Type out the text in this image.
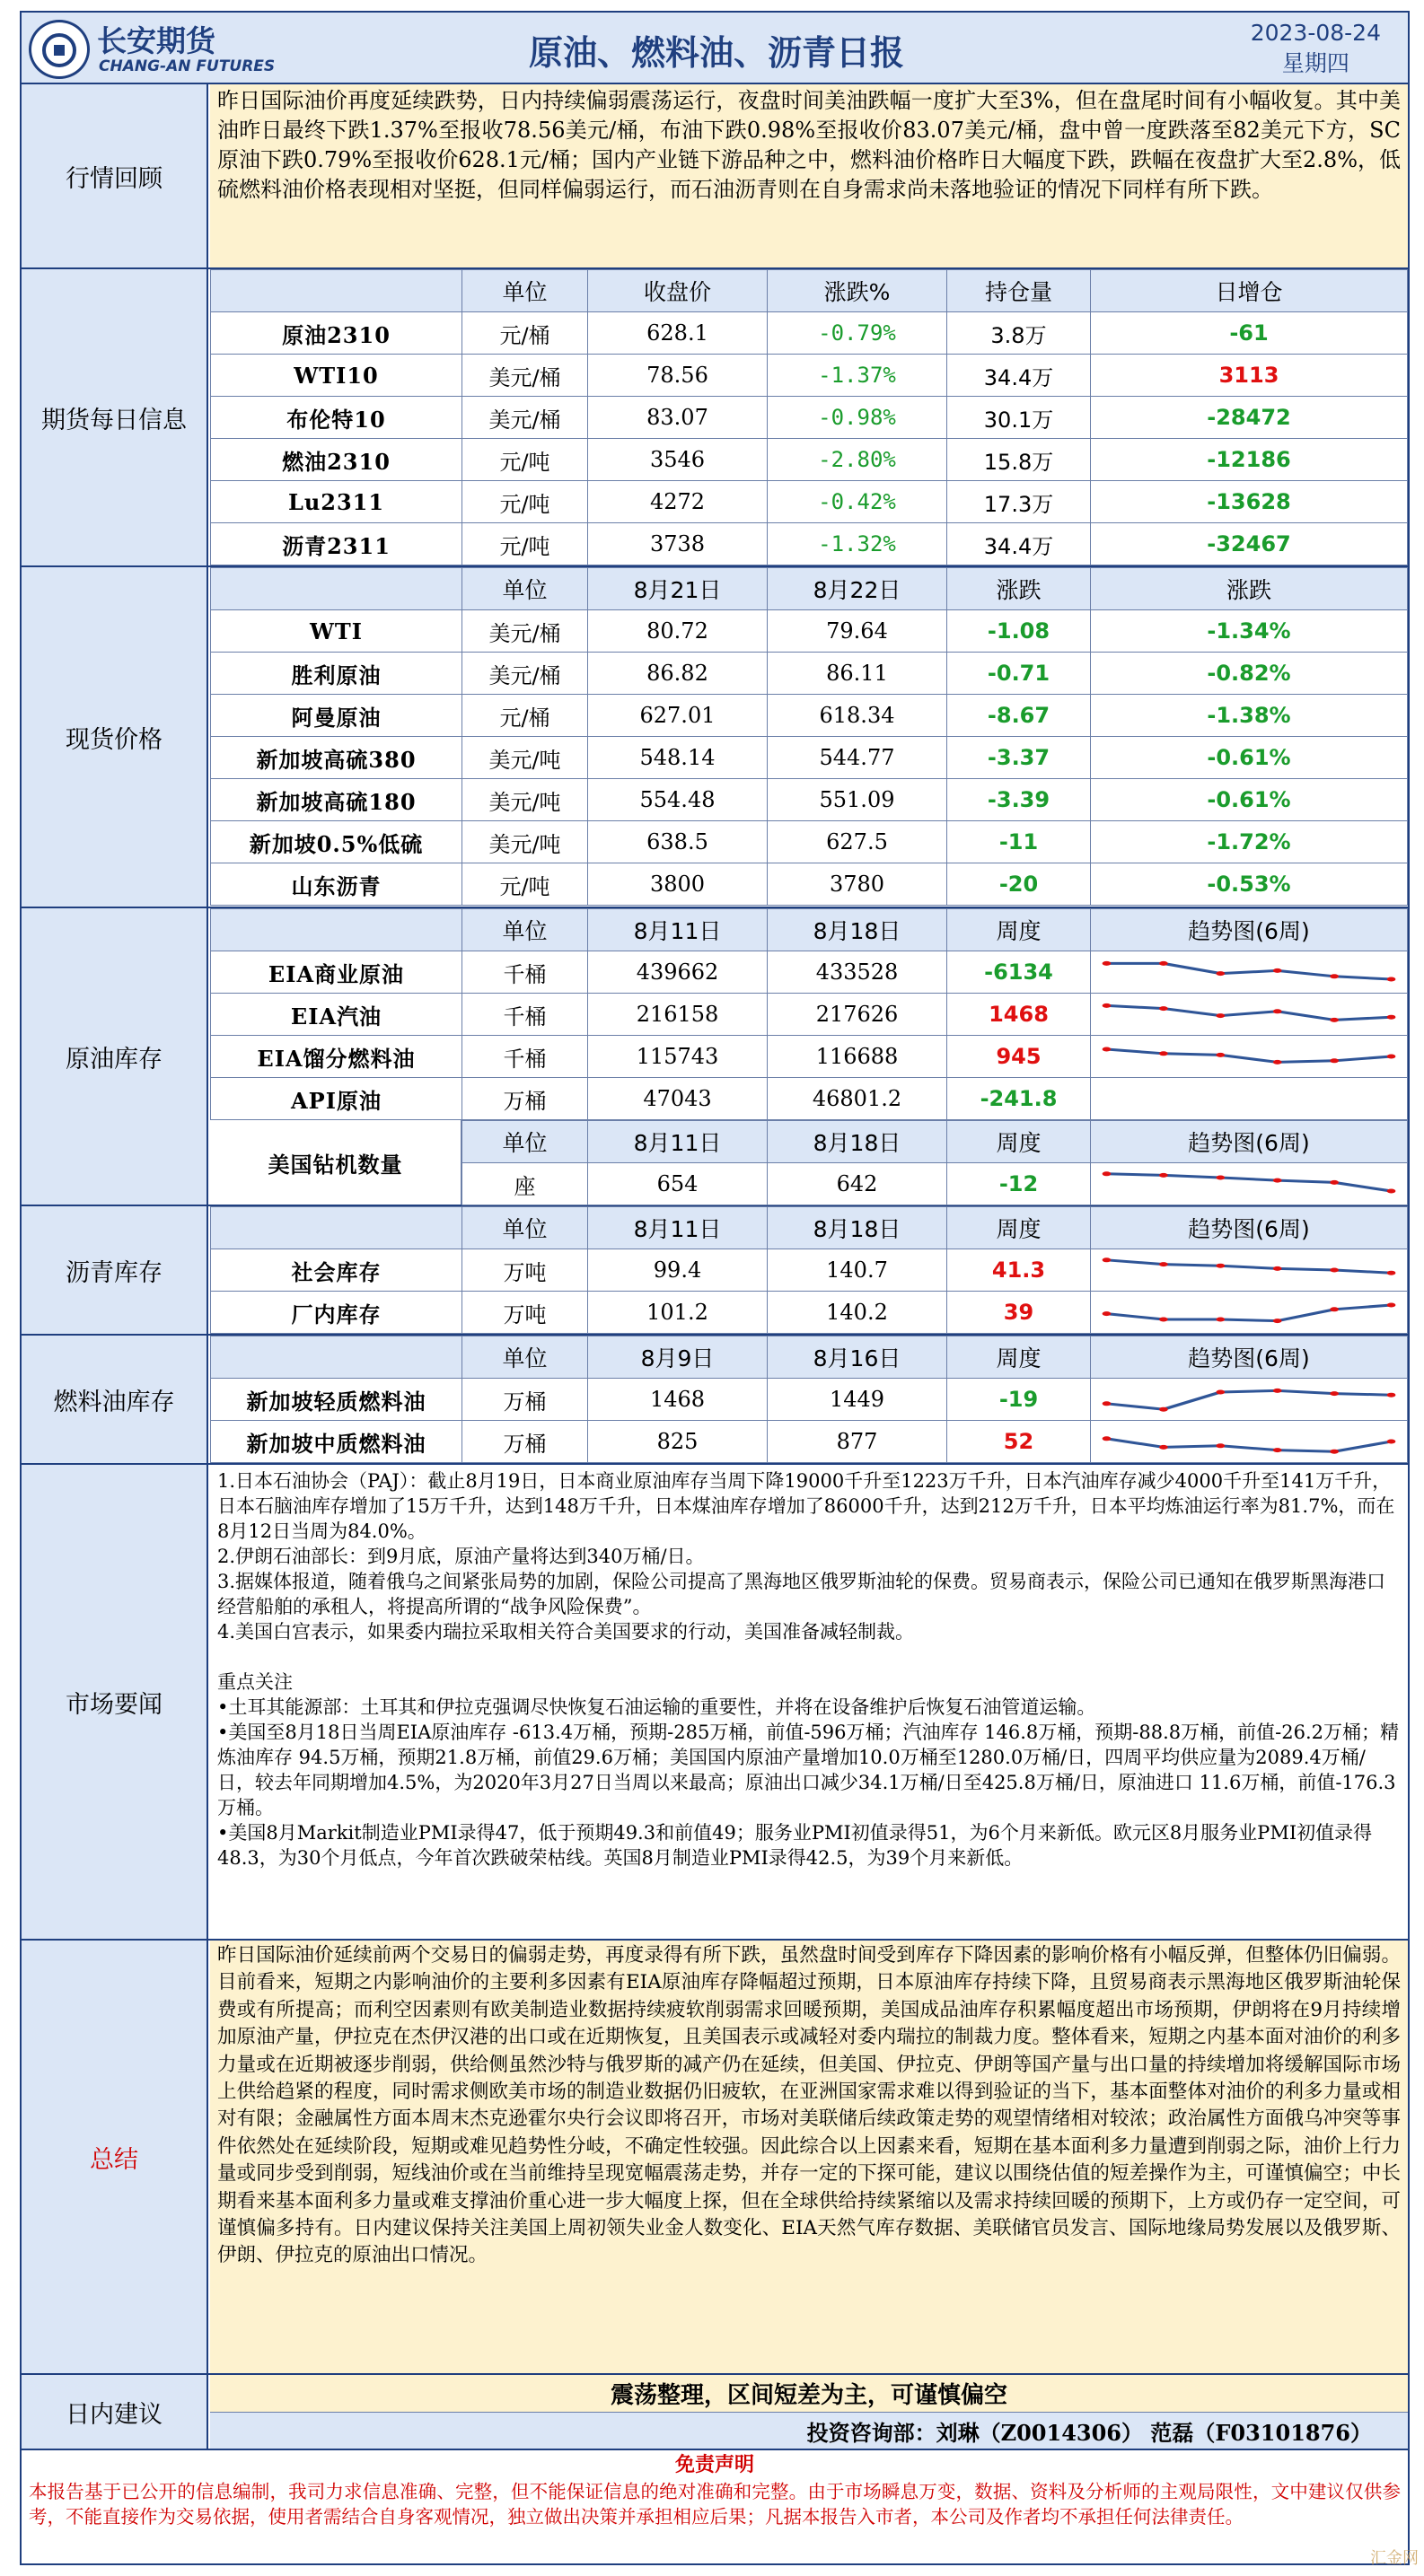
长安期货
CHANG-AN FUTURES	原油、燃料油、沥青日报
2023-08-24
星期四
行情回顾
昨日国际油价再度延续跌势，日内持续偏弱震荡运行，夜盘时间美油跌幅一度扩大至3%，但在盘尾时间有小幅收复。其中美油昨日最终下跌1.37%至报收78.56美元/桶，布油下跌0.98%至报收价83.07美元/桶，盘中曾一度跌落至82美元下方，SC原油下跌0.79%至报收价628.1元/桶；国内产业链下游品种之中，燃料油价格昨日大幅度下跌，跌幅在夜盘扩大至2.8%，低硫燃料油价格表现相对坚挺，但同样偏弱运行，而石油沥青则在自身需求尚未落地验证的情况下同样有所下跌。
期货每日信息
	单位	收盘价	涨跌%	持仓量	日增仓
原油2310	元/桶	628.1	-0.79%	3.8万	-61
WTI10	美元/桶	78.56	-1.37%	34.4万	3113
布伦特10	美元/桶	83.07	-0.98%	30.1万	-28472
燃油2310	元/吨	3546	-2.80%	15.8万	-12186
Lu2311	元/吨	4272	-0.42%	17.3万	-13628
沥青2311	元/吨	3738	-1.32%	34.4万	-32467
现货价格
	单位	8月21日	8月22日	涨跌	涨跌
WTI	美元/桶	80.72	79.64	-1.08	-1.34%
胜利原油	美元/桶	86.82	86.11	-0.71	-0.82%
阿曼原油	元/桶	627.01	618.34	-8.67	-1.38%
新加坡高硫380	美元/吨	548.14	544.77	-3.37	-0.61%
新加坡高硫180	美元/吨	554.48	551.09	-3.39	-0.61%
新加坡0.5%低硫	美元/吨	638.5	627.5	-11	-1.72%
山东沥青	元/吨	3800	3780	-20	-0.53%
原油库存
	单位	8月11日	8月18日	周度	趋势图(6周)
EIA商业原油	千桶	439662	433528	-6134	

EIA汽油	千桶	216158	217626	1468	

EIA馏分燃料油	千桶	115743	116688	945	

API原油	万桶	47043	46801.2	-241.8	
美国钻机数量
单位	8月11日	8月18日	周度	趋势图(6周)
座	654	642	-12	
沥青库存
	单位	8月11日	8月18日	周度	趋势图(6周)
社会库存	万吨	99.4	140.7	41.3	

厂内库存	万吨	101.2	140.2	39	
燃料油库存
	单位	8月9日	8月16日	周度	趋势图(6周)
新加坡轻质燃料油	万桶	1468	1449	-19	

新加坡中质燃料油	万桶	825	877	52	
市场要闻

1.日本石油协会（PAJ）：截止8月19日，日本商业原油库存当周下降19000千升至1223万千升，日本汽油库存减少4000千升至141万千升，日本石脑油库存增加了15万千升，达到148万千升，日本煤油库存增加了86000千升，达到212万千升，日本平均炼油运行率为81.7%，而在8月12日当周为84.0%。

2.伊朗石油部长：到9月底，原油产量将达到340万桶/日。

3.据媒体报道，随着俄乌之间紧张局势的加剧，保险公司提高了黑海地区俄罗斯油轮的保费。贸易商表示，保险公司已通知在俄罗斯黑海港口经营船舶的承租人，将提高所谓的“战争风险保费”。

4.美国白宫表示，如果委内瑞拉采取相关符合美国要求的行动，美国准备减轻制裁。

重点关注

•土耳其能源部：土耳其和伊拉克强调尽快恢复石油运输的重要性，并将在设备维护后恢复石油管道运输。

•美国至8月18日当周EIA原油库存 -613.4万桶，预期-285万桶，前值-596万桶；汽油库存 146.8万桶，预期-88.8万桶，前值-26.2万桶；精炼油库存 94.5万桶，预期21.8万桶，前值29.6万桶；美国国内原油产量增加10.0万桶至1280.0万桶/日，四周平均供应量为2089.4万桶/日，较去年同期增加4.5%，为2020年3月27日当周以来最高；原油出口减少34.1万桶/日至425.8万桶/日，原油进口 11.6万桶，前值-176.3万桶。

•美国8月Markit制造业PMI录得47，低于预期49.3和前值49；服务业PMI初值录得51，为6个月来新低。欧元区8月服务业PMI初值录得48.3，为30个月低点，今年首次跌破荣枯线。英国8月制造业PMI录得42.5，为39个月来新低。

总结
昨日国际油价延续前两个交易日的偏弱走势，再度录得有所下跌，虽然盘时间受到库存下降因素的影响价格有小幅反弹，但整体仍旧偏弱。目前看来，短期之内影响油价的主要利多因素有EIA原油库存降幅超过预期，日本原油库存持续下降，且贸易商表示黑海地区俄罗斯油轮保费或有所提高；而利空因素则有欧美制造业数据持续疲软削弱需求回暖预期，美国成品油库存积累幅度超出市场预期，伊朗将在9月持续增加原油产量，伊拉克在杰伊汉港的出口或在近期恢复，且美国表示或减轻对委内瑞拉的制裁力度。整体看来，短期之内基本面对油价的利多力量或在近期被逐步削弱，供给侧虽然沙特与俄罗斯的减产仍在延续，但美国、伊拉克、伊朗等国产量与出口量的持续增加将缓解国际市场上供给趋紧的程度，同时需求侧欧美市场的制造业数据仍旧疲软，在亚洲国家需求难以得到验证的当下，基本面整体对油价的利多力量或相对有限；金融属性方面本周末杰克逊霍尔央行会议即将召开，市场对美联储后续政策走势的观望情绪相对较浓；政治属性方面俄乌冲突等事件依然处在延续阶段，短期或难见趋势性分岐，不确定性较强。因此综合以上因素来看，短期在基本面利多力量遭到削弱之际，油价上行力量或同步受到削弱，短线油价或在当前维持呈现宽幅震荡走势，并存一定的下探可能，建议以围绕估值的短差操作为主，可谨慎偏空；中长期看来基本面利多力量或难支撑油价重心进一步大幅度上探，但在全球供给持续紧缩以及需求持续回暖的预期下，上方或仍存一定空间，可谨慎偏多持有。日内建议保持关注美国上周初领失业金人数变化、EIA天然气库存数据、美联储官员发言、国际地缘局势发展以及俄罗斯、伊朗、伊拉克的原油出口情况。
日内建议
震荡整理，区间短差为主，可谨慎偏空
投资咨询部：刘琳（Z0014306） 范磊（F03101876）
免责声明
本报告基于已公开的信息编制，我司力求信息准确、完整，但不能保证信息的绝对准确和完整。由于市场瞬息万变，数据、资料及分析师的主观局限性，文中建议仅供参考，不能直接作为交易依据，使用者需结合自身客观情况，独立做出决策并承担相应后果；凡据本报告入市者，本公司及作者均不承担任何法律责任。
汇金网
